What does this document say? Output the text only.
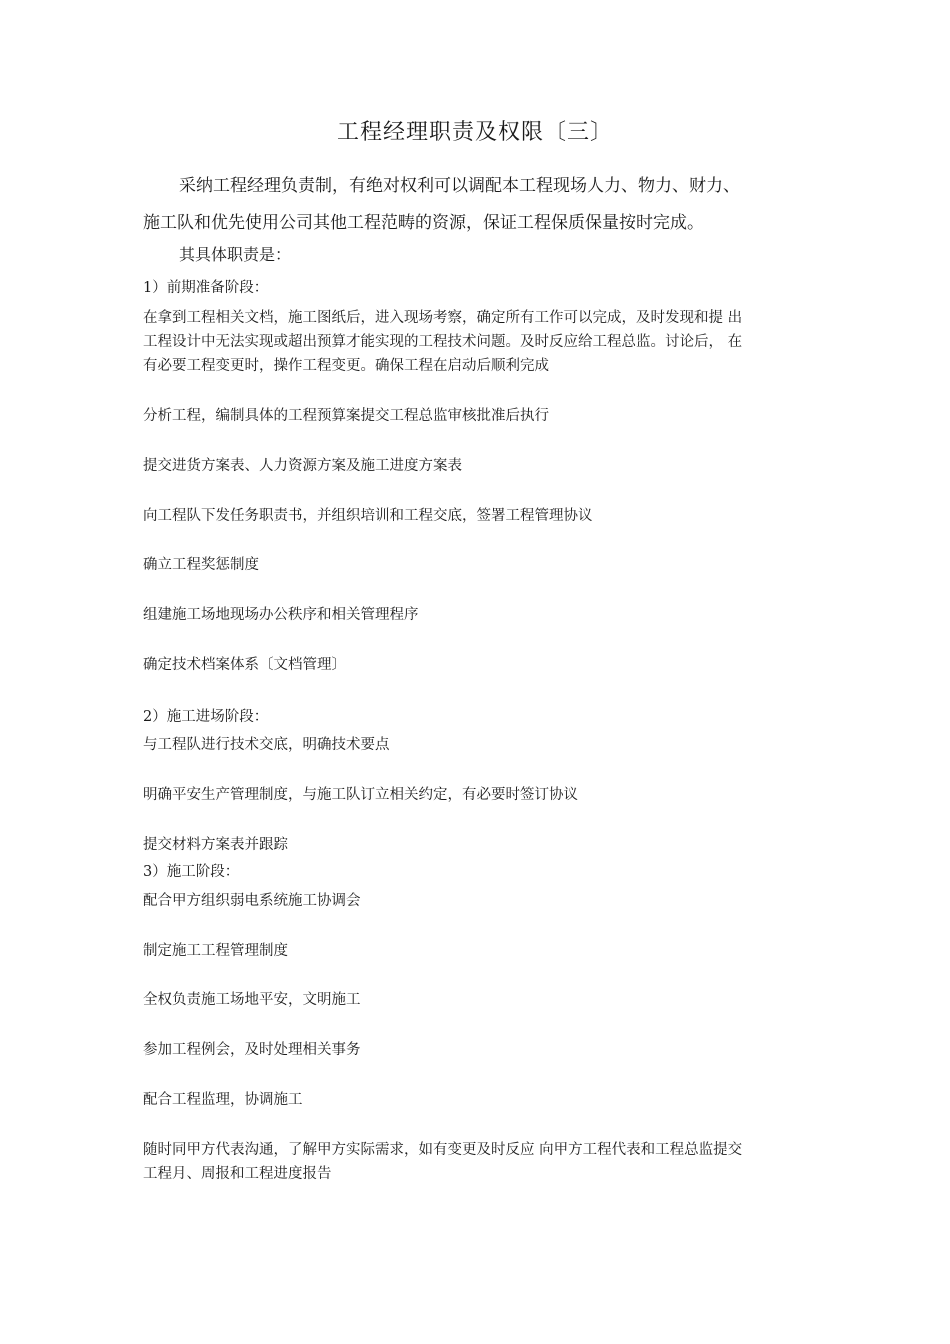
工程经理职责及权限〔三〕

采纳工程经理负责制，有绝对权利可以调配本工程现场人力、物力、财力、

施工队和优先使用公司其他工程范畴的资源，保证工程保质保量按时完成。

其具体职责是：
1）前期准备阶段：
在拿到工程相关文档，施工图纸后，进入现场考察，确定所有工作可以完成，及时发现和提 出
工程设计中无法实现或超出预算才能实现的工程技术问题。及时反应给工程总监。讨论后， 在
有必要工程变更时，操作工程变更。确保工程在启动后顺利完成
分析工程，编制具体的工程预算案提交工程总监审核批准后执行
提交进货方案表、人力资源方案及施工进度方案表
向工程队下发任务职责书，并组织培训和工程交底，签署工程管理协议
确立工程奖惩制度
组建施工场地现场办公秩序和相关管理程序
确定技术档案体系〔文档管理〕
2）施工进场阶段：
与工程队进行技术交底，明确技术要点
明确平安生产管理制度，与施工队订立相关约定，有必要时签订协议
提交材料方案表并跟踪
3）施工阶段：
配合甲方组织弱电系统施工协调会
制定施工工程管理制度
全权负责施工场地平安，文明施工
参加工程例会，及时处理相关事务
配合工程监理，协调施工
随时同甲方代表沟通，了解甲方实际需求，如有变更及时反应 向甲方工程代表和工程总监提交
工程月、周报和工程进度报告
